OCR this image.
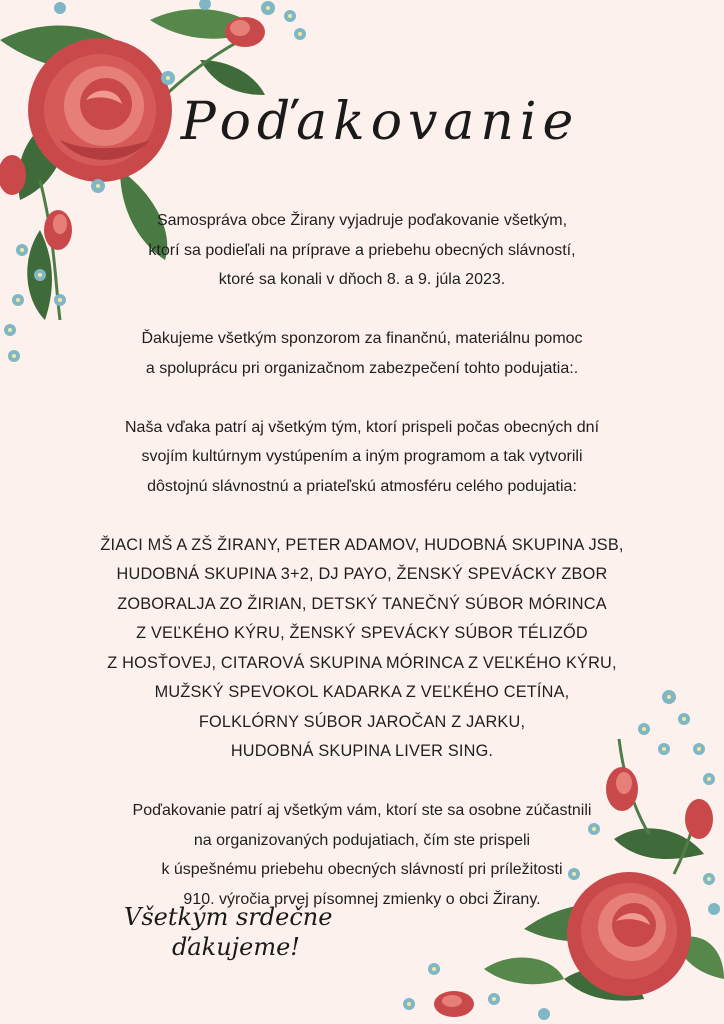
Poďakovanie

Samospráva obce Žirany vyjadruje poďakovanie všetkým,
ktorí sa podieľali na príprave a priebehu obecných slávností,
ktoré sa konali v dňoch 8. a 9. júla 2023.

Ďakujeme všetkým sponzorom za finančnú, materiálnu pomoc
a spoluprácu pri organizačnom zabezpečení tohto podujatia:.

Naša vďaka patrí aj všetkým tým, ktorí prispeli počas obecných dní
svojím kultúrnym vystúpením a iným programom a tak vytvorili
dôstojnú slávnostnú a priateľskú atmosféru celého podujatia:

ŽIACI MŠ A ZŠ ŽIRANY, PETER ADAMOV, HUDOBNÁ SKUPINA JSB,
HUDOBNÁ SKUPINA 3+2, DJ PAYO, ŽENSKÝ SPEVÁCKY ZBOR
ZOBORALJA ZO ŽIRIAN, DETSKÝ TANEČNÝ SÚBOR MÓRINCA
Z VEĽKÉHO KÝRU, ŽENSKÝ SPEVÁCKY SÚBOR TÉLIZŐD
Z HOSŤOVEJ, CITAROVÁ SKUPINA MÓRINCA Z VEĽKÉHO KÝRU,
MUŽSKÝ SPEVOKOL KADARKA Z VEĽKÉHO CETÍNA,
FOLKLÓRNY SÚBOR JAROČAN Z JARKU,
HUDOBNÁ SKUPINA LIVER SING.

Poďakovanie patrí aj všetkým vám, ktorí ste sa osobne zúčastnili
na organizovaných podujatiach, čím ste prispeli
k úspešnému priebehu obecných slávností pri príležitosti
910. výročia prvej písomnej zmienky o obci Žirany.

Všetkým srdečne
ďakujeme!
